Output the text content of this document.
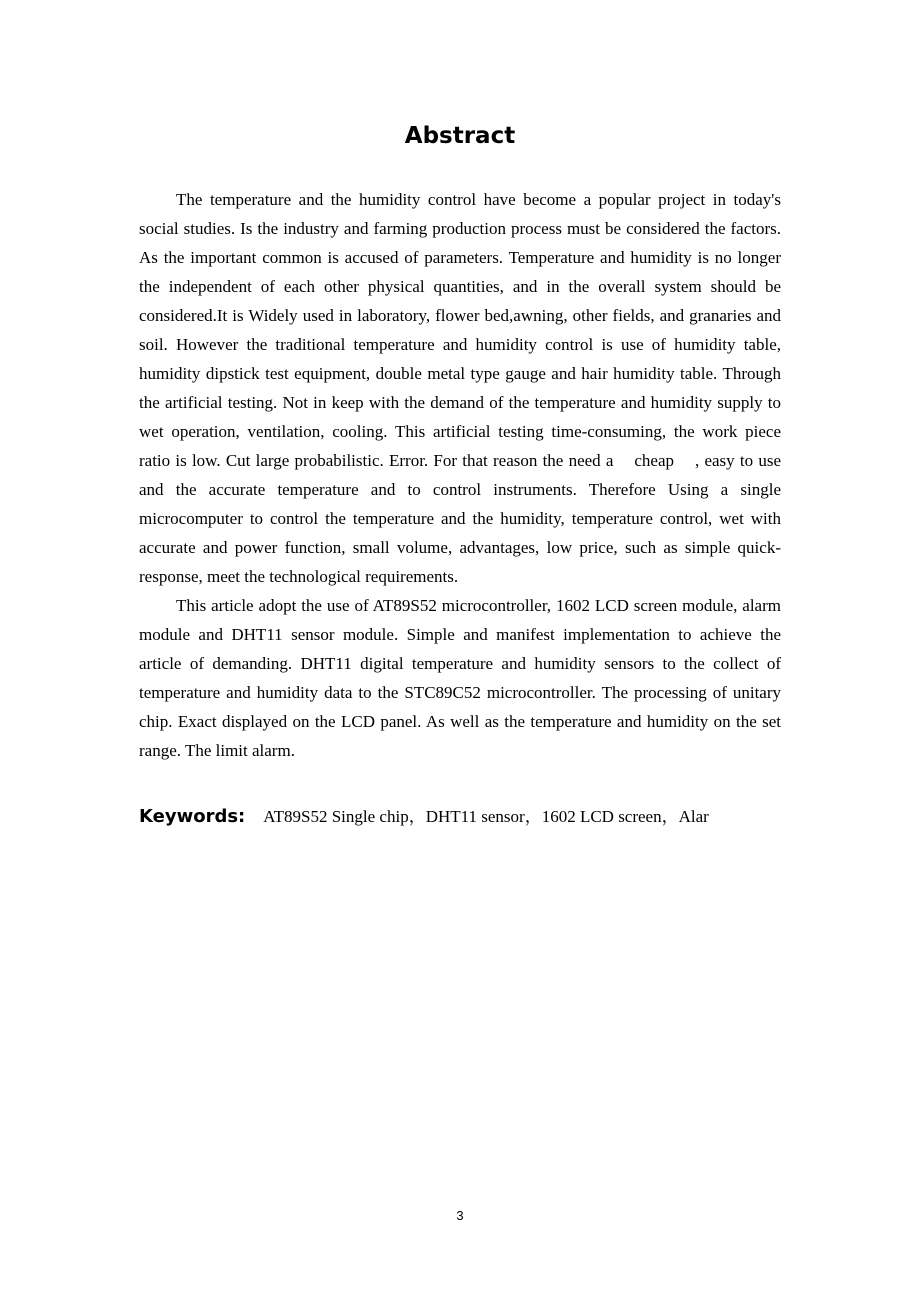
Abstract

The temperature and the humidity control have become a popular project in today's social studies. Is the industry and farming production process must be considered the factors. As the important common is accused of parameters. Temperature and humidity is no longer the independent of each other physical quantities, and in the overall system should be considered.It is Widely used in laboratory, flower bed,awning, other fields, and granaries and soil. However the traditional temperature and humidity control is use of humidity table, humidity dipstick test equipment, double metal type gauge and hair humidity table. Through the artificial testing. Not in keep with the demand of the temperature and humidity supply to wet operation, ventilation, cooling. This artificial testing time-consuming, the work piece ratio is low. Cut large probabilistic. Error. For that reason the need a    cheap    , easy to use and the accurate temperature and to control instruments. Therefore Using a single microcomputer to control the temperature and the humidity, temperature control, wet with accurate and power function, small volume, advantages, low price, such as simple quick-response, meet the technological requirements.

This article adopt the use of AT89S52 microcontroller, 1602 LCD screen module, alarm module and DHT11 sensor module. Simple and manifest implementation to achieve the article of demanding. DHT11 digital temperature and humidity sensors to the collect of temperature and humidity data to the STC89C52 microcontroller. The processing of unitary chip. Exact displayed on the LCD panel. As well as the temperature and humidity on the set range. The limit alarm.

Keywords: AT89S52 Single chip，DHT11 sensor，1602 LCD screen，Alar
3
